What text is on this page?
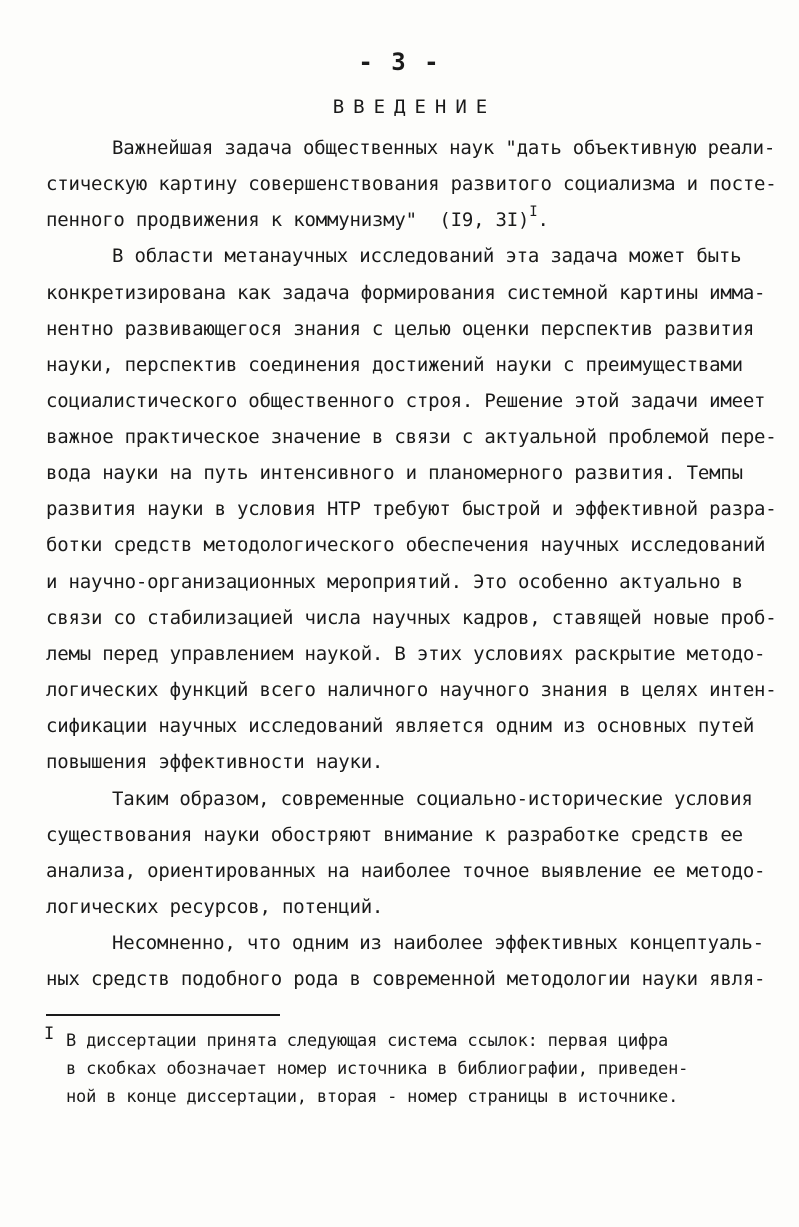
- 3 -
ВВЕДЕНИЕ
Важнейшая задача общественных наук "дать объективную реали-
стическую картину совершенствования развитого социализма и посте-
пенного продвижения к коммунизму"  (I9, 3I)$^I$.
В области метанаучных исследований эта задача может быть
конкретизирована как задача формирования системной картины имма-
нентно развивающегося знания с целью оценки перспектив развития
науки, перспектив соединения достижений науки с преимуществами
социалистического общественного строя. Решение этой задачи имеет
важное практическое значение в связи с актуальной проблемой пере-
вода науки на путь интенсивного и планомерного развития. Темпы
развития науки в условия НТР требуют быстрой и эффективной разра-
ботки средств методологического обеспечения научных исследований
и научно-организационных мероприятий. Это особенно актуально в
связи со стабилизацией числа научных кадров, ставящей новые проб-
лемы перед управлением наукой. В этих условиях раскрытие методо-
логических функций всего наличного научного знания в целях интен-
сификации научных исследований является одним из основных путей
повышения эффективности науки.
Таким образом, современные социально-исторические условия
существования науки обостряют внимание к разработке средств ее
анализа, ориентированных на наиболее точное выявление ее методо-
логических ресурсов, потенций.
Несомненно, что одним из наиболее эффективных концептуаль-
ных средств подобного рода в современной методологии науки явля-
I В диссертации принята следующая система ссылок: первая цифра
в скобках обозначает номер источника в библиографии, приведен-
ной в конце диссертации, вторая - номер страницы в источнике.
